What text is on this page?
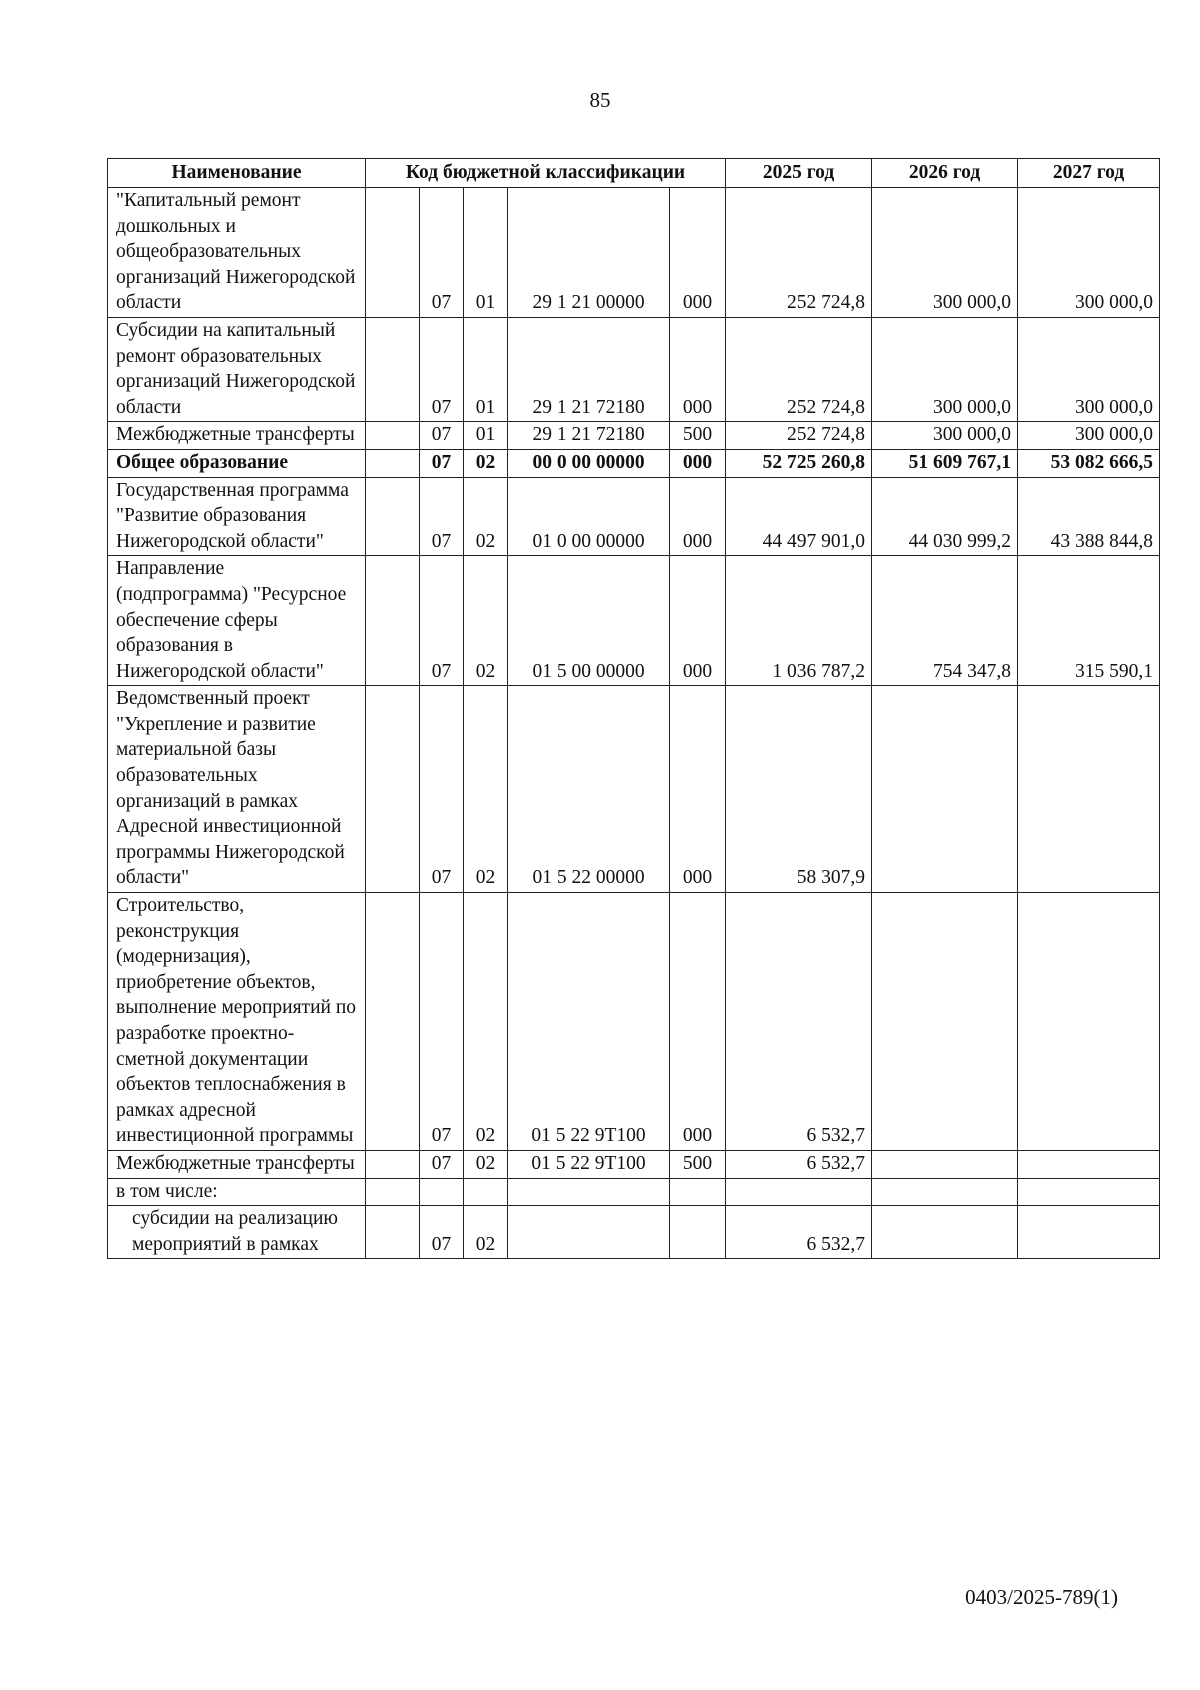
85
Наименование	Код бюджетной классификации					2025 год	2026 год	2027 год
"Капитальный ремонт дошкольных и общеобразовательных организаций Нижегородской области		07	01	29 1 21 00000	000	252 724,8	300 000,0	300 000,0
Субсидии на капитальный ремонт образовательных организаций Нижегородской области		07	01	29 1 21 72180	000	252 724,8	300 000,0	300 000,0
Межбюджетные трансферты		07	01	29 1 21 72180	500	252 724,8	300 000,0	300 000,0
Общее образование		07	02	00 0 00 00000	000	52 725 260,8	51 609 767,1	53 082 666,5
Государственная программа "Развитие образования Нижегородской области"		07	02	01 0 00 00000	000	44 497 901,0	44 030 999,2	43 388 844,8
Направление (подпрограмма) "Ресурсное обеспечение сферы образования в Нижегородской области"		07	02	01 5 00 00000	000	1 036 787,2	754 347,8	315 590,1
Ведомственный проект "Укрепление и развитие материальной базы образовательных организаций в рамках Адресной инвестиционной программы Нижегородской области"		07	02	01 5 22 00000	000	58 307,9		
Строительство, реконструкция (модернизация), приобретение объектов, выполнение мероприятий по разработке проектно-сметной документации объектов теплоснабжения в рамках адресной инвестиционной программы		07	02	01 5 22 9Т100	000	6 532,7		
Межбюджетные трансферты		07	02	01 5 22 9Т100	500	6 532,7		
в том числе:								
субсидии на реализацию мероприятий в рамках		07	02			6 532,7		
0403/2025-789(1)
